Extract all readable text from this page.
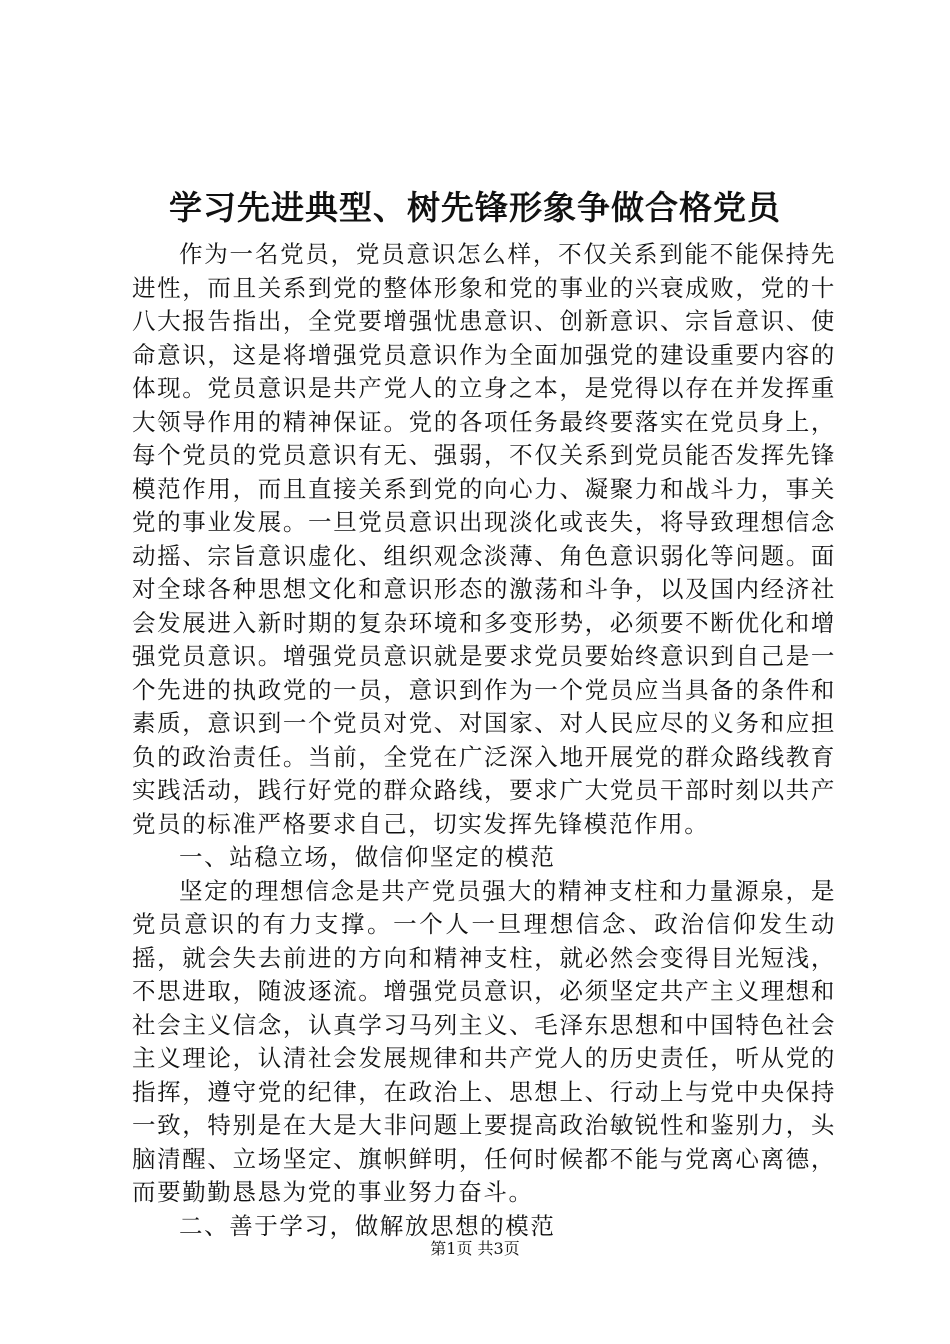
学习先进典型、树先锋形象争做合格党员

作为一名党员，党员意识怎么样，不仅关系到能不能保持先进性，而且关系到党的整体形象和党的事业的兴衰成败，党的十八大报告指出，全党要增强忧患意识、创新意识、宗旨意识、使命意识，这是将增强党员意识作为全面加强党的建设重要内容的体现。党员意识是共产党人的立身之本，是党得以存在并发挥重大领导作用的精神保证。党的各项任务最终要落实在党员身上，每个党员的党员意识有无、强弱，不仅关系到党员能否发挥先锋模范作用，而且直接关系到党的向心力、凝聚力和战斗力，事关党的事业发展。一旦党员意识出现淡化或丧失，将导致理想信念动摇、宗旨意识虚化、组织观念淡薄、角色意识弱化等问题。面对全球各种思想文化和意识形态的激荡和斗争，以及国内经济社会发展进入新时期的复杂环境和多变形势，必须要不断优化和增强党员意识。增强党员意识就是要求党员要始终意识到自己是一个先进的执政党的一员，意识到作为一个党员应当具备的条件和素质，意识到一个党员对党、对国家、对人民应尽的义务和应担负的政治责任。当前，全党在广泛深入地开展党的群众路线教育实践活动，践行好党的群众路线，要求广大党员干部时刻以共产党员的标准严格要求自己，切实发挥先锋模范作用。

一、站稳立场，做信仰坚定的模范

坚定的理想信念是共产党员强大的精神支柱和力量源泉，是党员意识的有力支撑。一个人一旦理想信念、政治信仰发生动摇，就会失去前进的方向和精神支柱，就必然会变得目光短浅，不思进取，随波逐流。增强党员意识，必须坚定共产主义理想和社会主义信念，认真学习马列主义、毛泽东思想和中国特色社会主义理论，认清社会发展规律和共产党人的历史责任，听从党的指挥，遵守党的纪律，在政治上、思想上、行动上与党中央保持一致，特别是在大是大非问题上要提高政治敏锐性和鉴别力，头脑清醒、立场坚定、旗帜鲜明，任何时候都不能与党离心离德，而要勤勤恳恳为党的事业努力奋斗。

二、善于学习，做解放思想的模范

第1页 共3页
